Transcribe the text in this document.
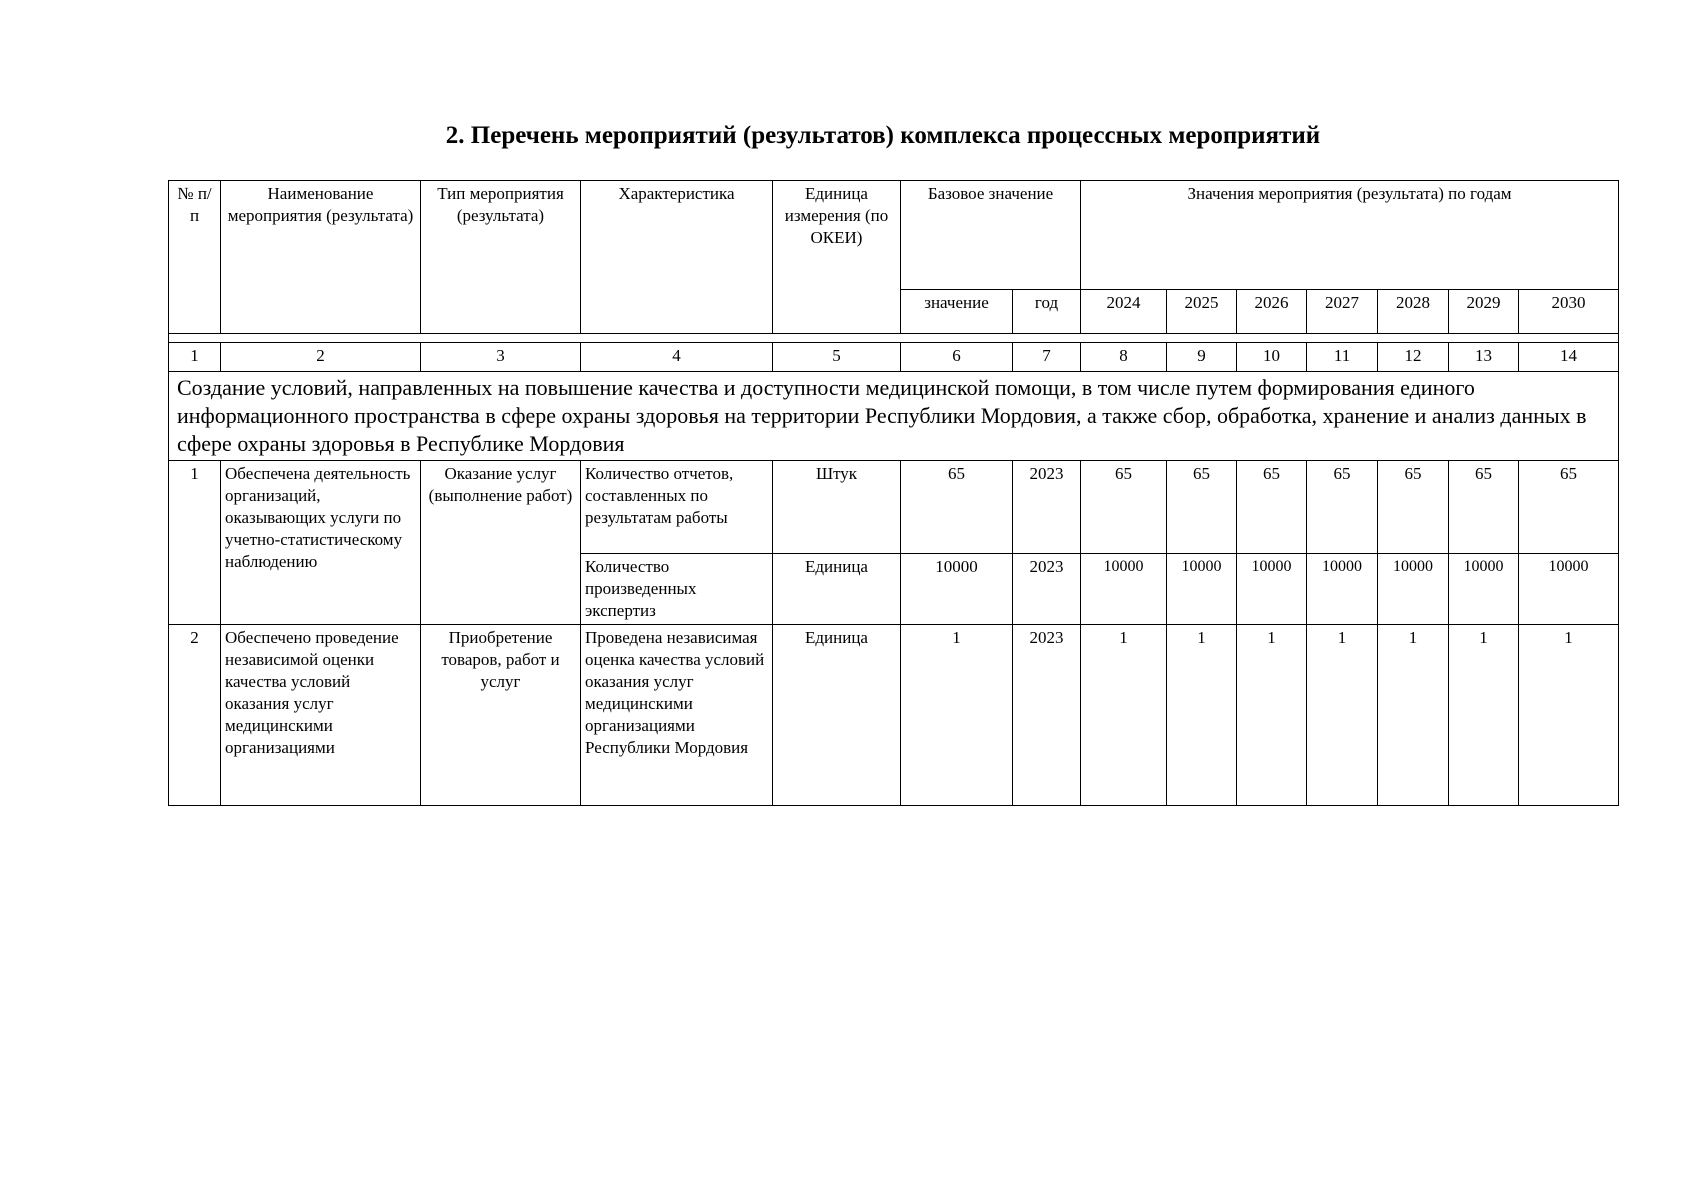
2. Перечень мероприятий (результатов) комплекса процессных мероприятий
№ п/п	Наименование мероприятия (результата)	Тип мероприятия (результата)	Характеристика	Единица измерения (по ОКЕИ)	Базовое значение		Значения мероприятия (результата) по годам						
					значение	год	2024	2025	2026	2027	2028	2029	2030

1	2	3	4	5	6	7	8	9	10	11	12	13	14
Создание условий, направленных на повышение качества и доступности медицинской помощи, в том числе путем формирования единого информационного пространства в сфере охраны здоровья на территории Республики Мордовия, а также сбор, обработка, хранение и анализ данных в сфере охраны здоровья в Республике Мордовия													
1	Обеспечена деятельность организаций, оказывающих услуги по учетно-статистическому наблюдению	Оказание услуг (выполнение работ)	Количество отчетов, составленных по результатам работы	Штук	65	2023	65	65	65	65	65	65	65
			Количество произведенных экспертиз	Единица	10000	2023	10000	10000	10000	10000	10000	10000	10000
2	Обеспечено проведение независимой оценки качества условий оказания услуг медицинскими организациями	Приобретение товаров, работ и услуг	Проведена независимая оценка качества условий оказания услуг медицинскими организациями Республики Мордовия	Единица	1	2023	1	1	1	1	1	1	1
